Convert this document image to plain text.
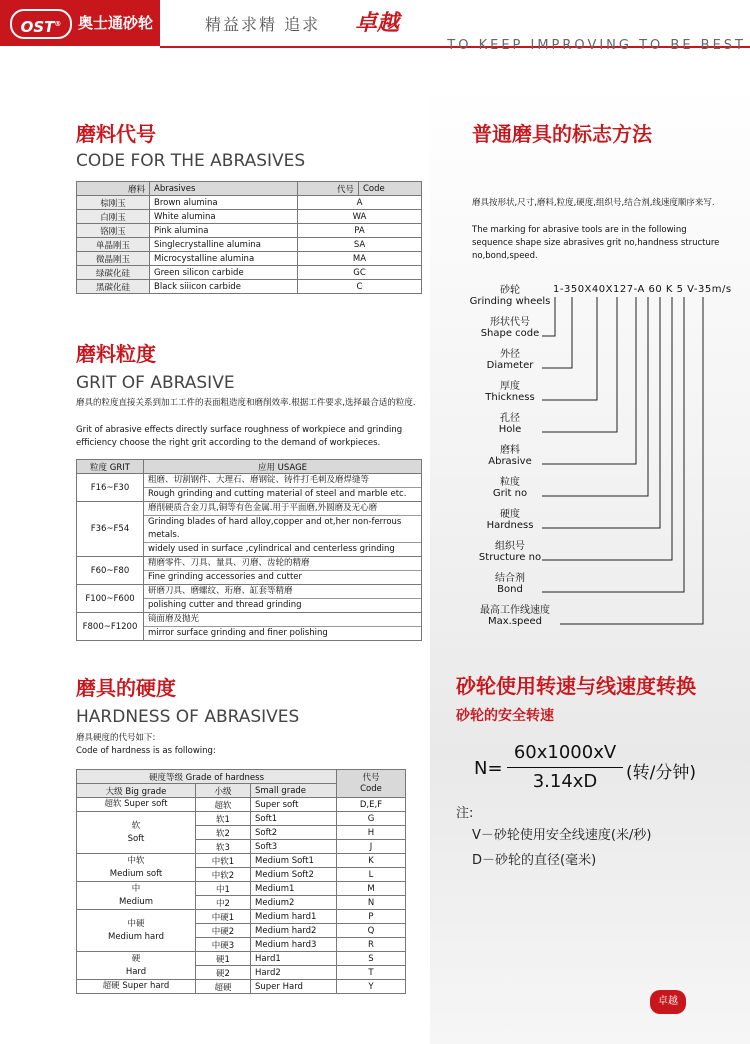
OST®	奥士通砂轮	精益求精 追求 卓越
TO KEEP IMPROVING TO BE BEST
磨料代号
CODE FOR THE ABRASIVES
磨料	Abrasives	代号	Code
棕刚玉	Brown alumina	A	
白刚玉	White alumina	WA	
铬刚玉	Pink alumina	PA	
单晶刚玉	Singlecrystalline alumina	SA	
微晶刚玉	Microcystalline alumina	MA	
绿碳化硅	Green silicon carbide	GC	
黑碳化硅	Black siiicon carbide	C	
磨料粒度
GRIT OF ABRASIVE
磨具的粒度直接关系到加工工件的表面粗造度和磨削效率.根据工件要求,选择最合适的粒度.
Grit of abrasive effects directly surface roughness of workpiece and grinding efficiency choose the right grit according to the demand of workpieces.
粒度 GRIT	应用 USAGE
F16~F30	粗磨、切割钢件、大理石、磨钢锭、铸件打毛刺及磨焊缝等
Rough grinding and cutting material of steel and marble etc.

F36~F54	磨削硬质合金刀具,铜等有色金属.用于平面磨,外圆磨及无心磨
Grinding blades of hard alloy,copper and ot,her non-ferrous metals.
widely used in surface ,cylindrical and centerless grinding

F60~F80	精磨零件、刀具、量具、刃磨、齿轮的精磨
Fine grinding accessories and cutter

F100~F600	研磨刀具、磨螺纹、珩磨、缸套等精磨
polishing cutter and thread grinding

F800~F1200	镜面磨及抛光
mirror surface grinding and finer polishing
磨具的硬度
HARDNESS OF ABRASIVES
磨具硬度的代号如下:
Code of hardness is as following:
硬度等级 Grade of hardness			代号
Code
大级 Big grade	小级	Small grade	
超软 Super soft	超软	Super soft	D,E,F
软
Soft	软1	Soft1	G
	软2	Soft2	H
	软3	Soft3	J
中软
Medium soft	中软1	Medium Soft1	K
	中软2	Medium Soft2	L
中
Medium	中1	Medium1	M
	中2	Medium2	N
中硬
Medium hard	中硬1	Medium hard1	P
	中硬2	Medium hard2	Q
	中硬3	Medium hard3	R
硬
Hard	硬1	Hard1	S
	硬2	Hard2	T
超硬 Super hard	超硬	Super Hard	Y
普通磨具的标志方法
磨具按形状,尺寸,磨料,粒度,硬度,组织号,结合剂,线速度顺序来写.
The marking for abrasive tools are in the following sequence shape size abrasives grit no,handness structure no,bond,speed.
1-350X40X127-A 60 K 5 V-35m/s
砂轮
Grinding wheels
形状代号
Shape code
外径
Diameter
厚度
Thickness
孔径
Hole
磨料
Abrasive
粒度
Grit no
硬度
Hardness
组织号
Structure no
结合剂
Bond
最高工作线速度
Max.speed
砂轮使用转速与线速度转换
砂轮的安全转速
N=
60x1000xV
3.14xD	(转/分钟)
注:
V－砂轮使用安全线速度(米/秒)
D－砂轮的直径(毫米)
卓越
